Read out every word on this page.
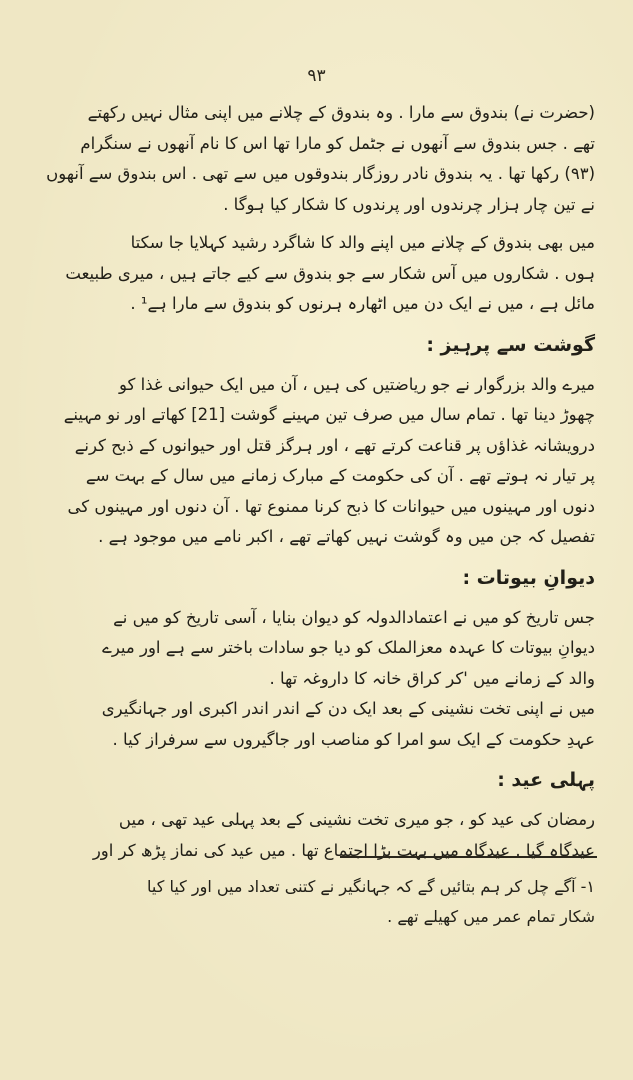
۹۳

(حضرت نے) بندوق سے مارا . وہ بندوق کے چلانے میں اپنی مثال نہیں رکھتے
تھے . جس بندوق سے آنھوں نے جٹمل کو مارا تھا اس کا نام آنھوں نے سنگرام
(۹۳) رکھا تھا . یہ بندوق نادر روزگار بندوقوں میں سے تھی . اس بندوق سے آنھوں
نے تین چار ہزار چرندوں اور پرندوں کا شکار کیا ہوگا .

میں بھی بندوق کے چلانے میں اپنے والد کا شاگرد رشید کہلایا جا سکتا
ہوں . شکاروں میں آس شکار سے جو بندوق سے کیے جاتے ہیں ، میری طبیعت
مائل ہے ، میں نے ایک دن میں اٹھارہ ہرنوں کو بندوق سے مارا ہے¹ .

گوشت سے پرہیز :

میرے والد بزرگوار نے جو ریاضتیں کی ہیں ، آن میں ایک حیوانی غذا کو
چھوڑ دینا تھا . تمام سال میں صرف تین مہینے گوشت [21] کھاتے اور نو مہینے
درویشانہ غذاؤں پر قناعت کرتے تھے ، اور ہرگز قتل اور حیوانوں کے ذبح کرنے
پر تیار نہ ہوتے تھے . آن کی حکومت کے مبارک زمانے میں سال کے بہت سے
دنوں اور مہینوں میں حیوانات کا ذبح کرنا ممنوع تھا . آن دنوں اور مہینوں کی
تفصیل کہ جن میں وہ گوشت نہیں کھاتے تھے ، اکبر نامے میں موجود ہے .

دیوانِ بیوتات :

جس تاریخ کو میں نے اعتمادالدولہ کو دیوان بنایا ، آسی تاریخ کو میں نے
دیوانِ بیوتات کا عہدہ معزالملک کو دیا جو سادات باختر سے ہے اور میرے
والد کے زمانے میں 'کر کراق خانہ کا داروغہ تھا .

میں نے اپنی تخت نشینی کے بعد ایک دن کے اندر اندر اکبری اور جہانگیری
عہدِ حکومت کے ایک سو امرا کو مناصب اور جاگیروں سے سرفراز کیا .

پہلی عید :

رمضان کی عید کو ، جو میری تخت نشینی کے بعد پہلی عید تھی ، میں
عیدگاہ گیا . عیدگاہ میں بہت بڑا اجتماع تھا . میں عید کی نماز پڑھ کر اور

۱- آگے چل کر ہم بتائیں گے کہ جہانگیر نے کتنی تعداد میں اور کیا کیا
شکار تمام عمر میں کھیلے تھے .
